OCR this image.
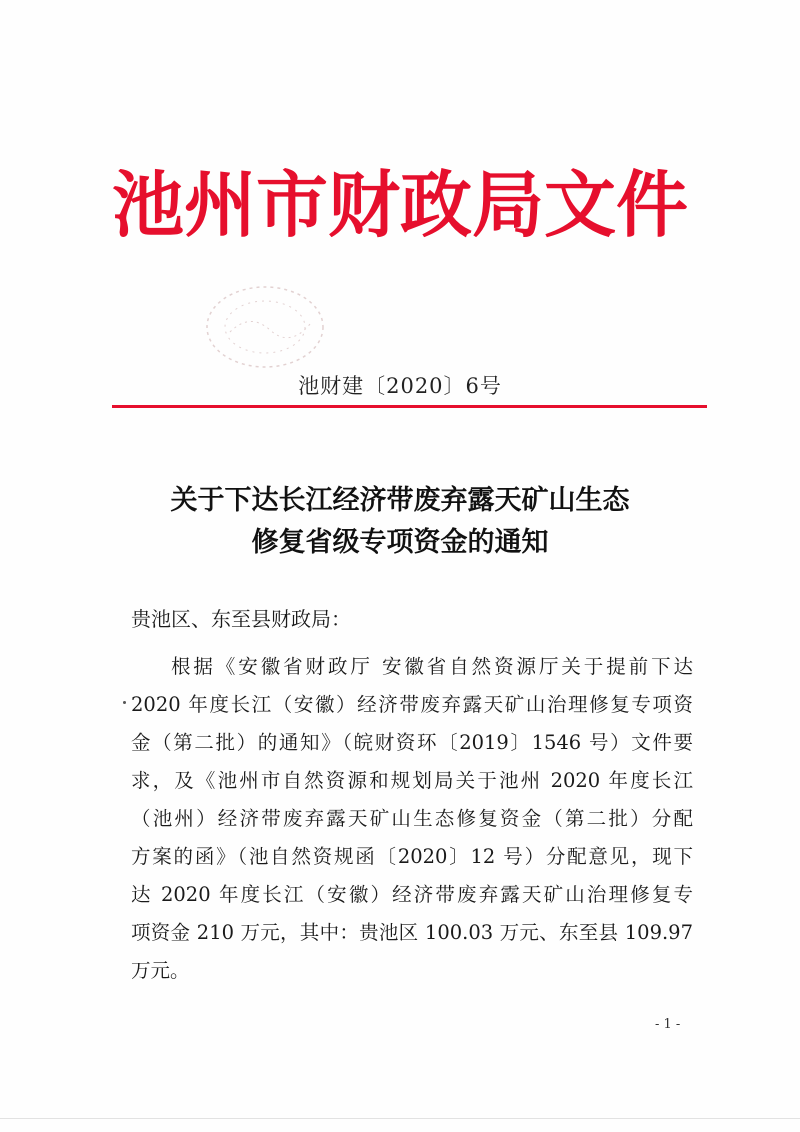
池州市财政局文件
池财建〔2020〕6号
关于下达长江经济带废弃露天矿山生态
修复省级专项资金的通知
贵池区、东至县财政局：
根据《安徽省财政厅 安徽省自然资源厅关于提前下达
2020 年度长江（安徽）经济带废弃露天矿山治理修复专项资
金（第二批）的通知》（皖财资环〔2019〕1546 号）文件要
求，及《池州市自然资源和规划局关于池州 2020 年度长江
（池州）经济带废弃露天矿山生态修复资金（第二批）分配
方案的函》（池自然资规函〔2020〕12 号）分配意见，现下
达 2020 年度长江（安徽）经济带废弃露天矿山治理修复专
项资金 210 万元，其中：贵池区 100.03 万元、东至县 109.97
万元。
- 1 -
